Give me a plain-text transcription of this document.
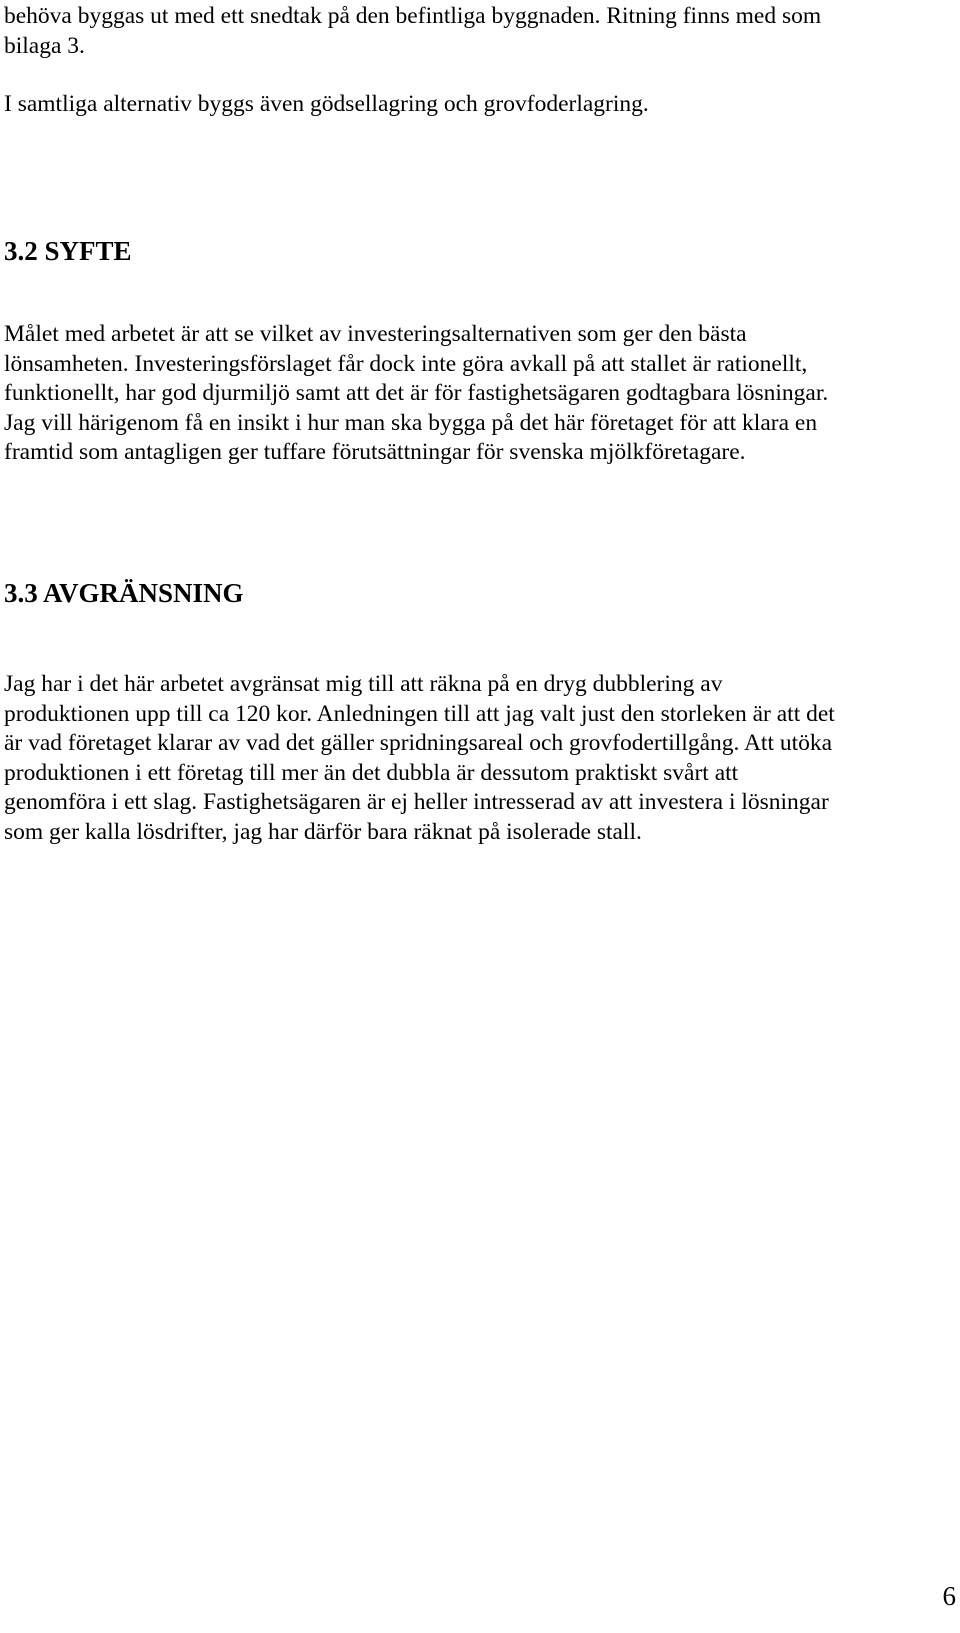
behöva byggas ut med ett snedtak på den befintliga byggnaden. Ritning finns med som
bilaga 3.

I samtliga alternativ byggs även gödsellagring och grovfoderlagring.

3.2 SYFTE

Målet med arbetet är att se vilket av investeringsalternativen som ger den bästa
lönsamheten. Investeringsförslaget får dock inte göra avkall på att stallet är rationellt,
funktionellt, har god djurmiljö samt att det är för fastighetsägaren godtagbara lösningar.
Jag vill härigenom få en insikt i hur man ska bygga på det här företaget för att klara en
framtid som antagligen ger tuffare förutsättningar för svenska mjölkföretagare.

3.3 AVGRÄNSNING

Jag har i det här arbetet avgränsat mig till att räkna på en dryg dubblering av
produktionen upp till ca 120 kor. Anledningen till att jag valt just den storleken är att det
är vad företaget klarar av vad det gäller spridningsareal och grovfodertillgång. Att utöka
produktionen i ett företag till mer än det dubbla är dessutom praktiskt svårt att
genomföra i ett slag. Fastighetsägaren är ej heller intresserad av att investera i lösningar
som ger kalla lösdrifter, jag har därför bara räknat på isolerade stall.

6
